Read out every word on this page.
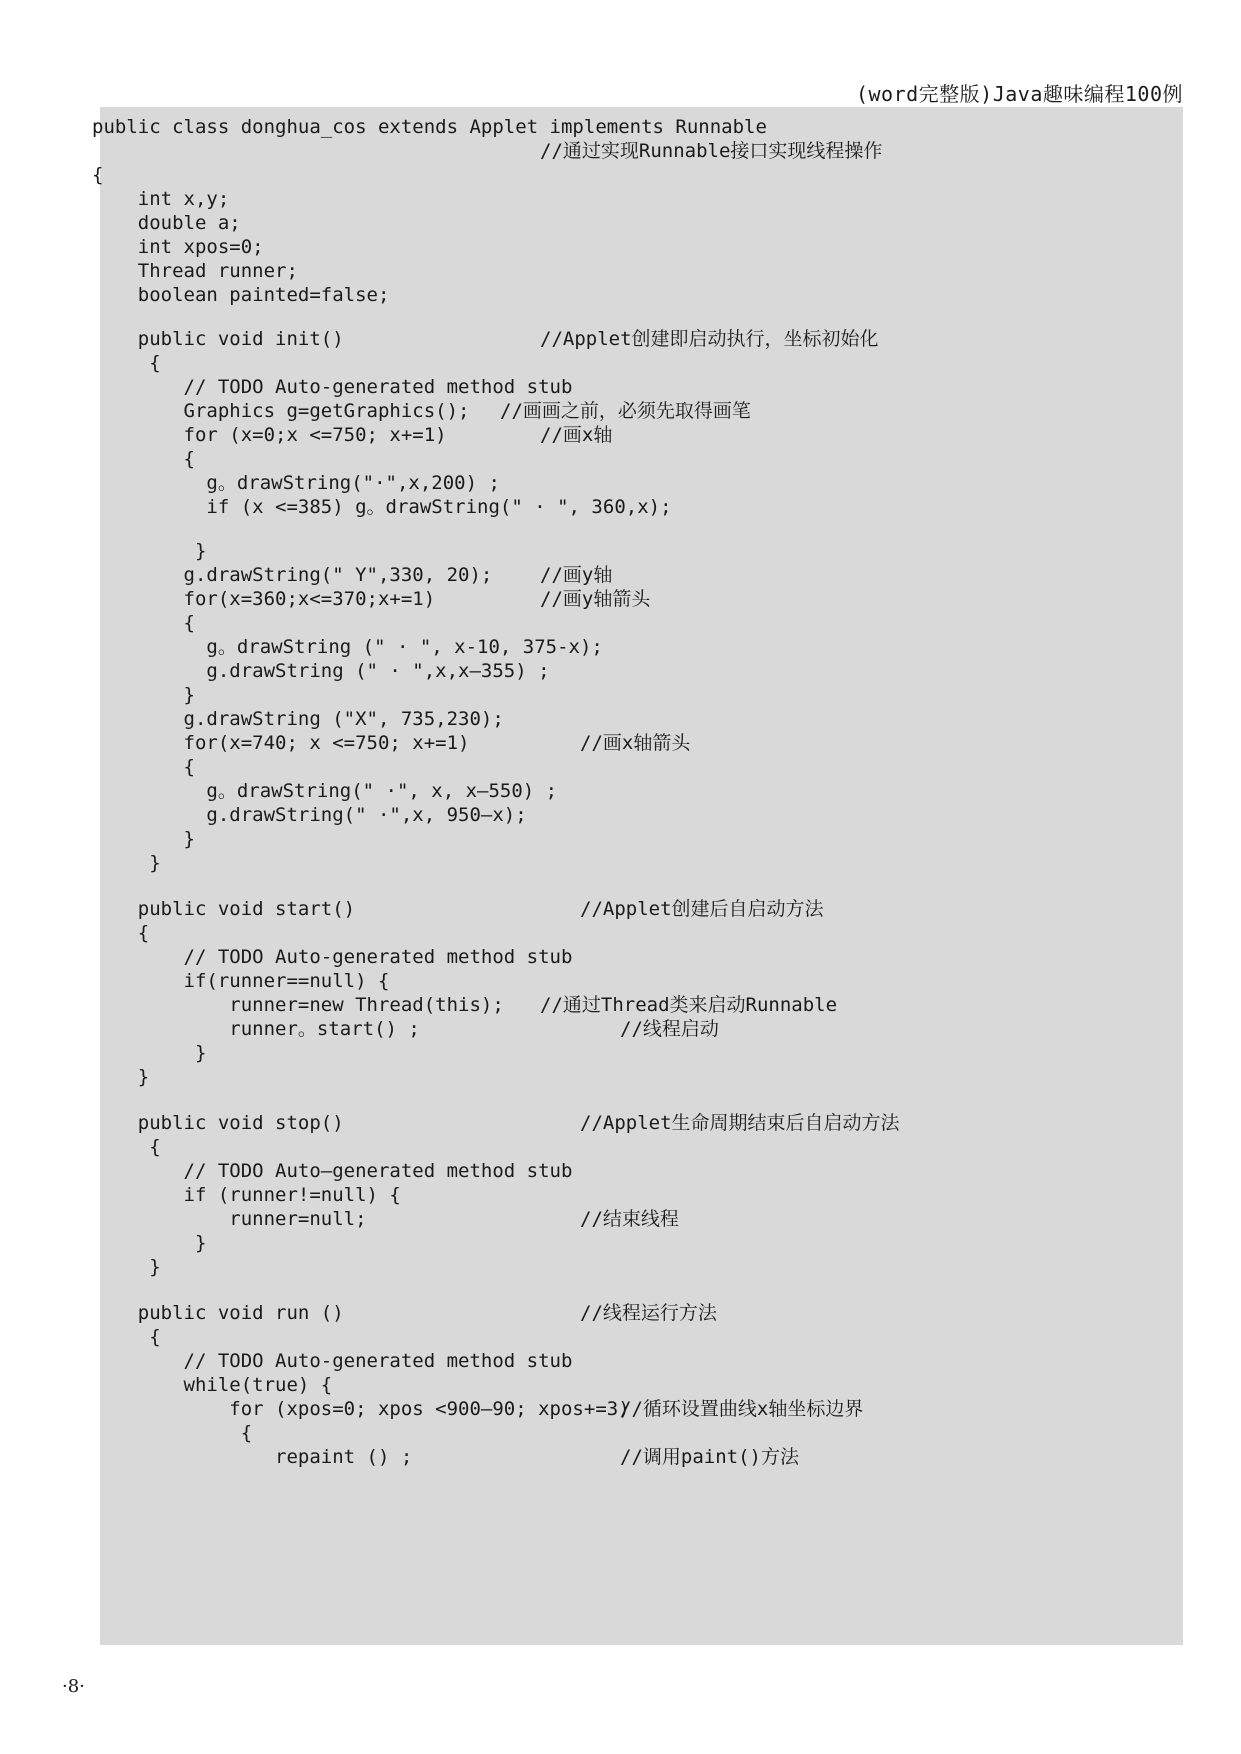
(word完整版)Java趣味编程100例
public class donghua_cos extends Applet implements Runnable
//通过实现Runnable接口实现线程操作
{
int x,y;
double a;
int xpos=0;
Thread runner;
boolean painted=false;
public void init()	//Applet创建即启动执行，坐标初始化
{
// TODO Auto-generated method stub
Graphics g=getGraphics(); //画画之前，必须先取得画笔
for (x=0;x <=750; x+=1)	//画x轴
{
g。drawString("·",x,200) ;
if (x <=385) g。drawString(" · ", 360,x);
}
g.drawString(" Y",330, 20);	//画y轴
for(x=360;x<=370;x+=1)	//画y轴箭头
{
g。drawString (" · ", x-10, 375-x);
g.drawString (" · ",x,x—355) ;
}
g.drawString ("X", 735,230);
for(x=740; x <=750; x+=1)	//画x轴箭头
{
g。drawString(" ·", x, x—550) ;
g.drawString(" ·",x, 950—x);
}
}
public void start()	//Applet创建后自启动方法
{
// TODO Auto-generated method stub
if(runner==null) {
runner=new Thread(this); //通过Thread类来启动Runnable
runner。start() ;	//线程启动
}
}
public void stop()	//Applet生命周期结束后自启动方法
{
// TODO Auto—generated method stub
if (runner!=null) {
runner=null;	//结束线程
}
}
public void run ()	//线程运行方法
{
// TODO Auto-generated method stub
while(true) {
for (xpos=0; xpos <900—90; xpos+=3)
//循环设置曲线x轴坐标边界
{
repaint () ;	//调用paint()方法
·8·
